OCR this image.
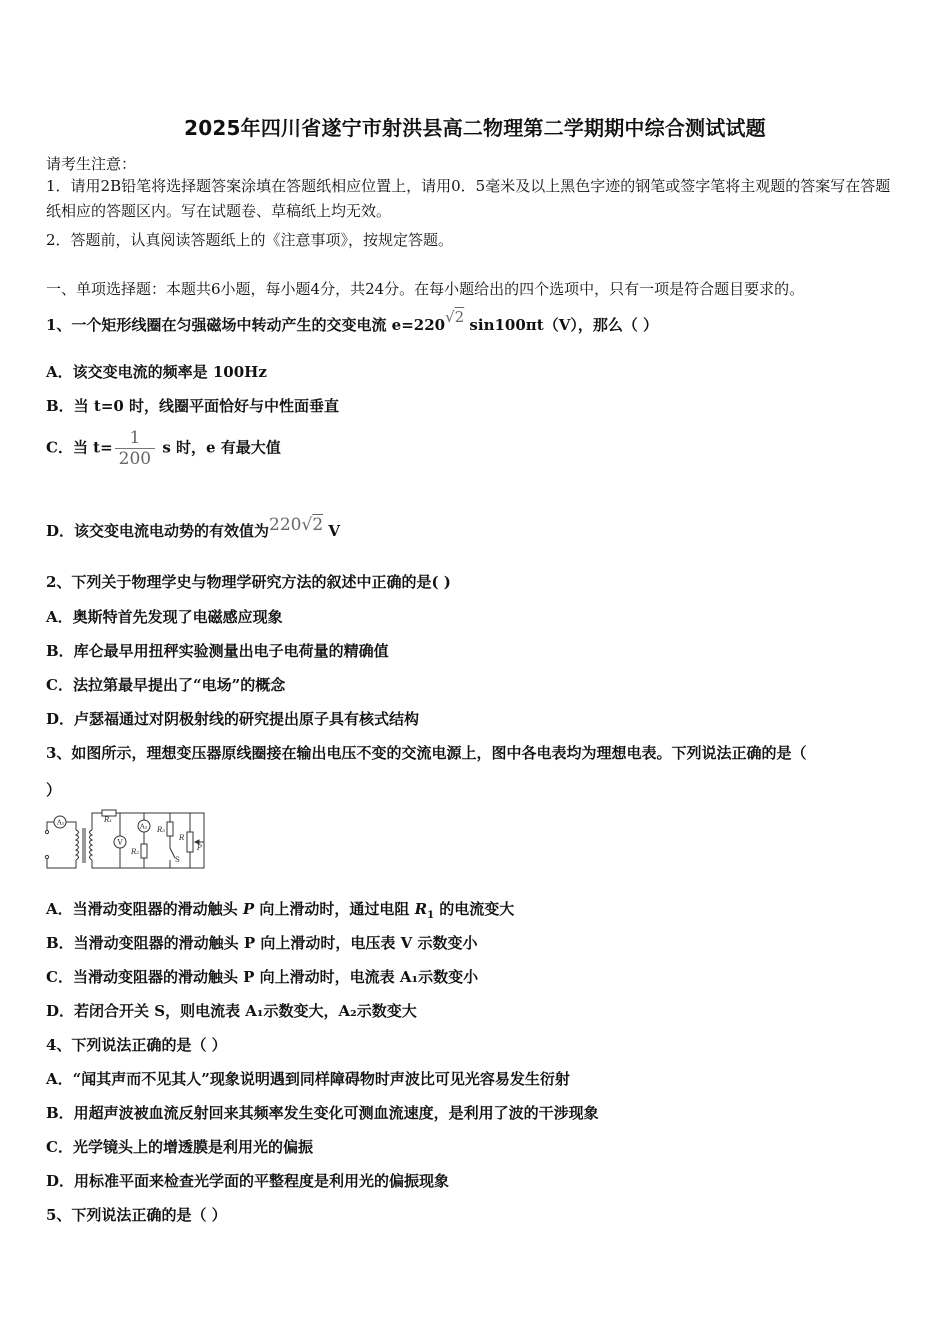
2025年四川省遂宁市射洪县高二物理第二学期期中综合测试试题
请考生注意：
1．请用2B铅笔将选择题答案涂填在答题纸相应位置上，请用0．5毫米及以上黑色字迹的钢笔或签字笔将主观题的答案写在答题纸相应的答题区内。写在试题卷、草稿纸上均无效。
2．答题前，认真阅读答题纸上的《注意事项》，按规定答题。
一、单项选择题：本题共6小题，每小题4分，共24分。在每小题给出的四个选项中，只有一项是符合题目要求的。
1、一个矩形线圈在匀强磁场中转动产生的交变电流 e=220√2 sin100πt（V），那么（ ）
A．该交变电流的频率是 100Hz
B．当 t=0 时，线圈平面恰好与中性面垂直
C．当 $t= \frac{1}{200}$ s 时，e 有最大值
D．该交变电流电动势的有效值为220√2 V
2、下列关于物理学史与物理学研究方法的叙述中正确的是( )
A．奥斯特首先发现了电磁感应现象
B．库仑最早用扭秤实验测量出电子电荷量的精确值
C．法拉第最早提出了“电场”的概念
D．卢瑟福通过对阴极射线的研究提出原子具有核式结构
3、如图所示，理想变压器原线圈接在输出电压不变的交流电源上，图中各电表均为理想电表。下列说法正确的是（
）
A₁	R₁
V
A₂
R₂
R₃
R
S
P
A．当滑动变阻器的滑动触头 P 向上滑动时，通过电阻 $R_1$ 的电流变大
B．当滑动变阻器的滑动触头 P 向上滑动时，电压表 V 示数变小
C．当滑动变阻器的滑动触头 P 向上滑动时，电流表 A₁示数变小
D．若闭合开关 S，则电流表 A₁示数变大，A₂示数变大
4、下列说法正确的是（ ）
A．“闻其声而不见其人”现象说明遇到同样障碍物时声波比可见光容易发生衍射
B．用超声波被血流反射回来其频率发生变化可测血流速度，是利用了波的干涉现象
C．光学镜头上的增透膜是利用光的偏振
D．用标准平面来检查光学面的平整程度是利用光的偏振现象
5、下列说法正确的是（ ）
